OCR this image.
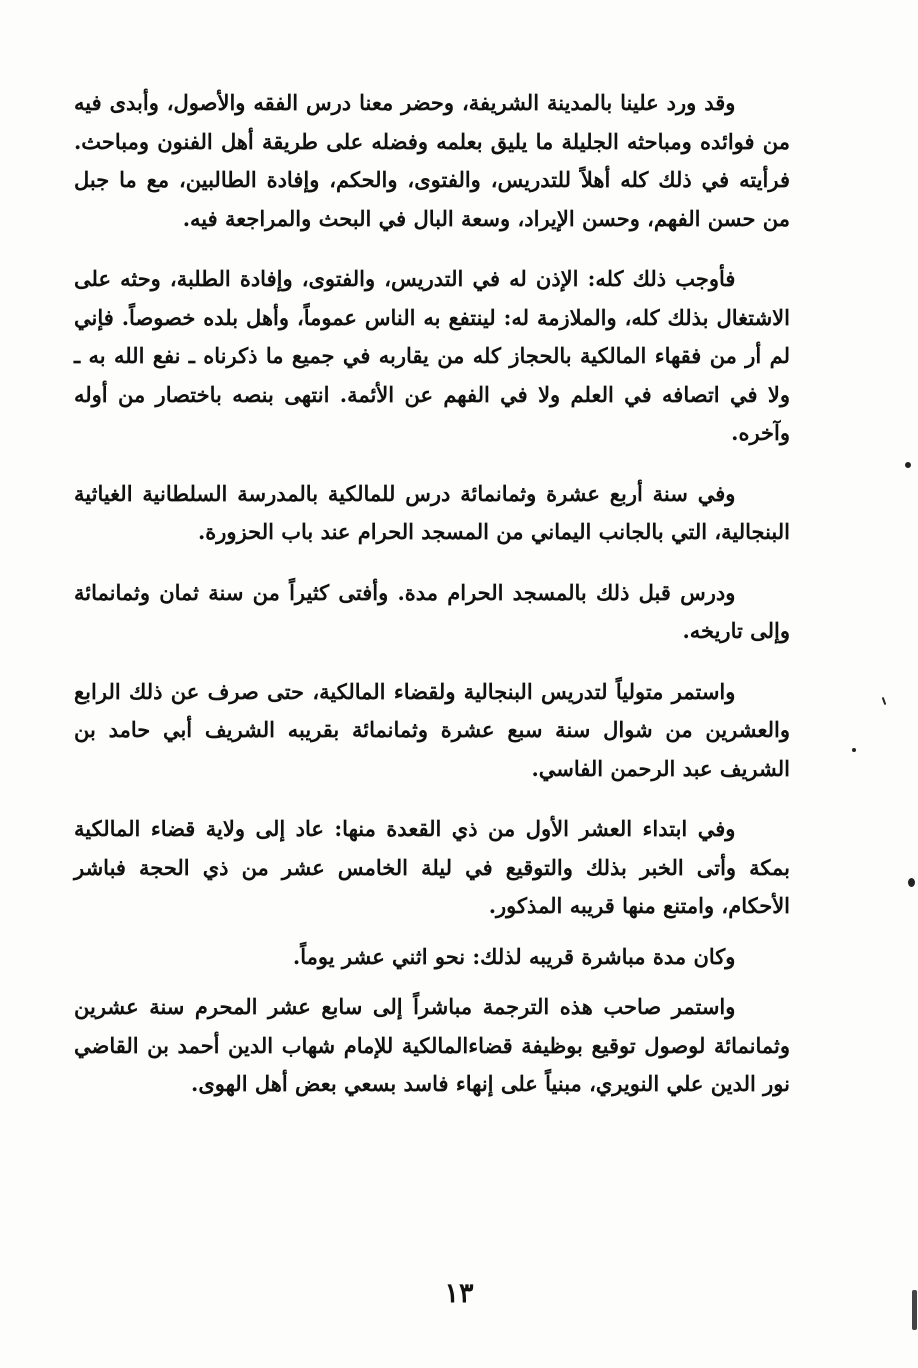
وقد ورد علينا بالمدينة الشريفة، وحضر معنا درس الفقه والأصول، وأبدى فيه من فوائده ومباحثه الجليلة ما يليق بعلمه وفضله على طريقة أهل الفنون ومباحث. فرأيته في ذلك كله أهلاً للتدريس، والفتوى، والحكم، وإفادة الطالبين، مع ما جبل من حسن الفهم، وحسن الإيراد، وسعة البال في البحث والمراجعة فيه.

فأوجب ذلك كله: الإذن له في التدريس، والفتوى، وإفادة الطلبة، وحثه على الاشتغال بذلك كله، والملازمة له: لينتفع به الناس عموماً، وأهل بلده خصوصاً. فإني لم أر من فقهاء المالكية بالحجاز كله من يقاربه في جميع ما ذكرناه ـ نفع الله به ـ ولا في اتصافه في العلم ولا في الفهم عن الأئمة. انتهى بنصه باختصار من أوله وآخره.

وفي سنة أربع عشرة وثمانمائة درس للمالكية بالمدرسة السلطانية الغياثية البنجالية، التي بالجانب اليماني من المسجد الحرام عند باب الحزورة.

ودرس قبل ذلك بالمسجد الحرام مدة. وأفتى كثيراً من سنة ثمان وثمانمائة وإلى تاريخه.

واستمر متولياً لتدريس البنجالية ولقضاء المالكية، حتى صرف عن ذلك الرابع والعشرين من شوال سنة سبع عشرة وثمانمائة بقريبه الشريف أبي حامد بن الشريف عبد الرحمن الفاسي.

وفي ابتداء العشر الأول من ذي القعدة منها: عاد إلى ولاية قضاء المالكية بمكة وأتى الخبر بذلك والتوقيع في ليلة الخامس عشر من ذي الحجة فباشر الأحكام، وامتنع منها قريبه المذكور.

وكان مدة مباشرة قريبه لذلك: نحو اثني عشر يوماً.

واستمر صاحب هذه الترجمة مباشراً إلى سابع عشر المحرم سنة عشرين وثمانمائة لوصول توقيع بوظيفة قضاءالمالكية للإمام شهاب الدين أحمد بن القاضي نور الدين علي النويري، مبنياً على إنهاء فاسد بسعي بعض أهل الهوى.

١٣
